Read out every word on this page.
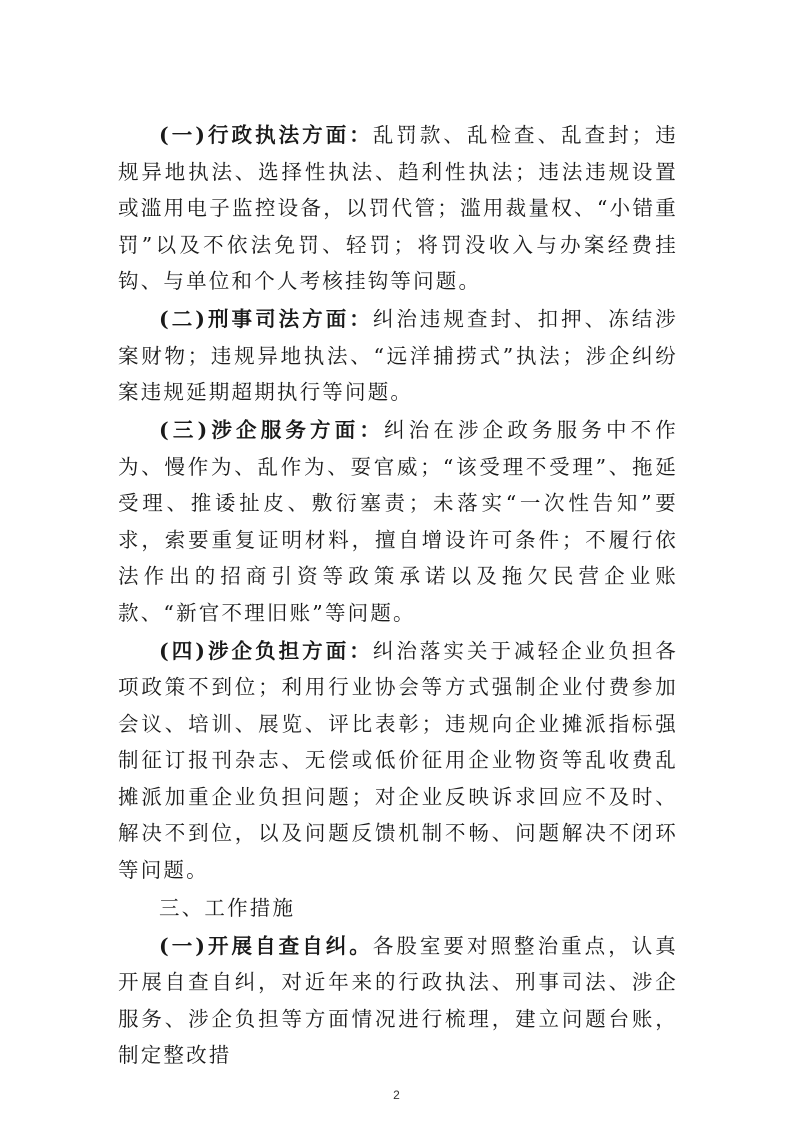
(一)行政执法方面：乱罚款、乱检查、乱查封；违规异地执法、选择性执法、趋利性执法；违法违规设置或滥用电子监控设备，以罚代管；滥用裁量权、“小错重罚”以及不依法免罚、轻罚；将罚没收入与办案经费挂钩、与单位和个人考核挂钩等问题。

(二)刑事司法方面：纠治违规查封、扣押、冻结涉案财物；违规异地执法、“远洋捕捞式”执法；涉企纠纷案违规延期超期执行等问题。

(三)涉企服务方面：纠治在涉企政务服务中不作为、慢作为、乱作为、耍官威；“该受理不受理”、拖延受理、推诿扯皮、敷衍塞责；未落实“一次性告知”要求，索要重复证明材料，擅自增设许可条件；不履行依法作出的招商引资等政策承诺以及拖欠民营企业账款、“新官不理旧账”等问题。

(四)涉企负担方面：纠治落实关于减轻企业负担各项政策不到位；利用行业协会等方式强制企业付费参加会议、培训、展览、评比表彰；违规向企业摊派指标强制征订报刊杂志、无偿或低价征用企业物资等乱收费乱摊派加重企业负担问题；对企业反映诉求回应不及时、解决不到位，以及问题反馈机制不畅、问题解决不闭环等问题。

三、工作措施

(一)开展自查自纠。各股室要对照整治重点，认真开展自查自纠，对近年来的行政执法、刑事司法、涉企服务、涉企负担等方面情况进行梳理，建立问题台账，制定整改措

2
